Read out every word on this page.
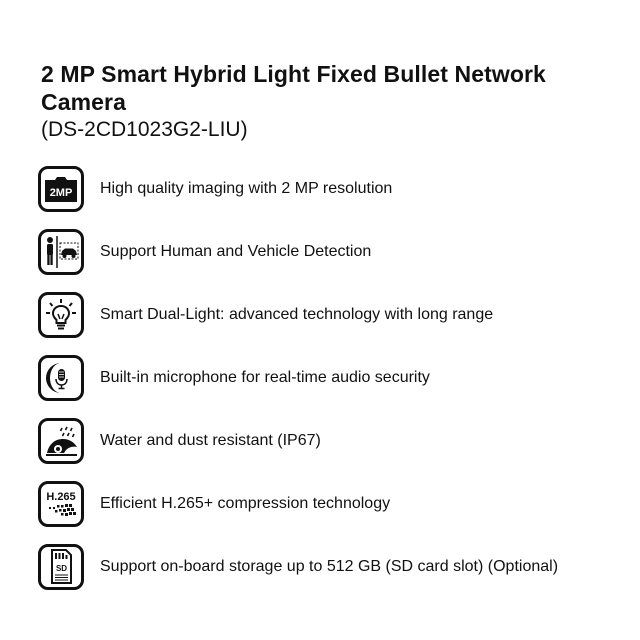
2 MP Smart Hybrid Light Fixed Bullet Network Camera

(DS-2CD1023G2-LIU)

2MP High quality imaging with 2 MP resolution
Support Human and Vehicle Detection
Smart Dual-Light: advanced technology with long range
Built-in microphone for real-time audio security
Water and dust resistant (IP67)
H.265 Efficient H.265+ compression technology
SD Support on-board storage up to 512 GB (SD card slot) (Optional)
